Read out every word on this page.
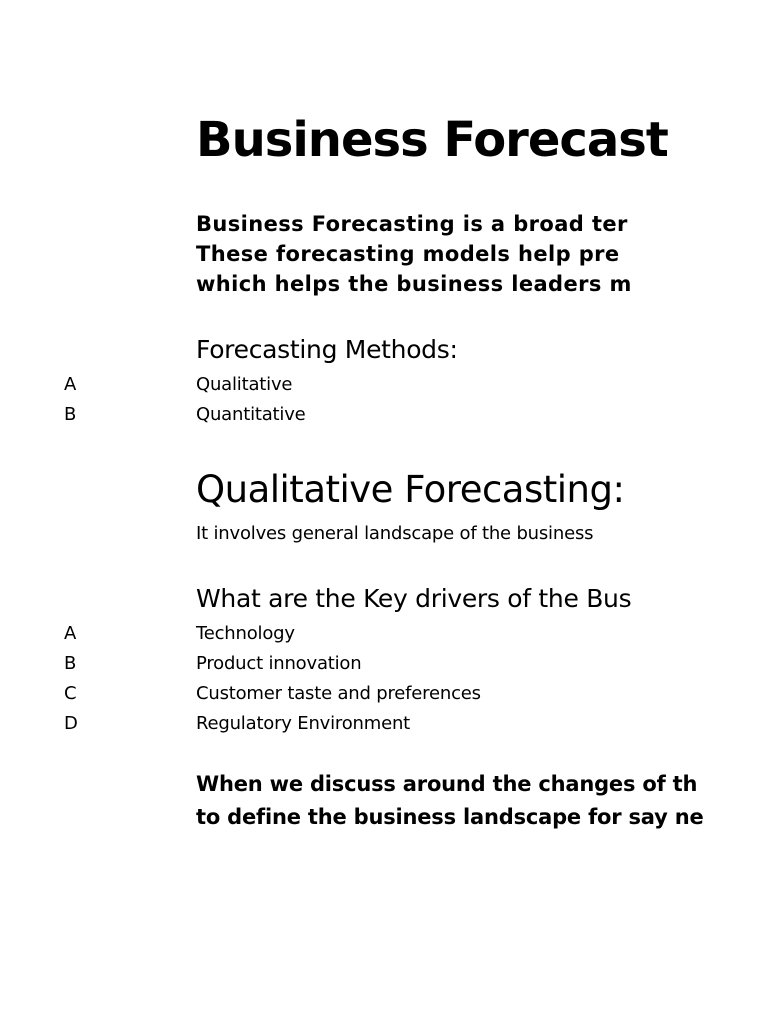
A
B
A
B
C
D
Business Forecast
Business Forecasting is a broad ter
These forecasting models help pre
which helps the business leaders m
Forecasting Methods:
Qualitative
Quantitative
Qualitative Forecasting:
It involves general landscape of the business
What are the Key drivers of the Bus
Technology
Product innovation
Customer taste and preferences
Regulatory Environment
When we discuss around the changes of th
to define the business landscape for say ne
